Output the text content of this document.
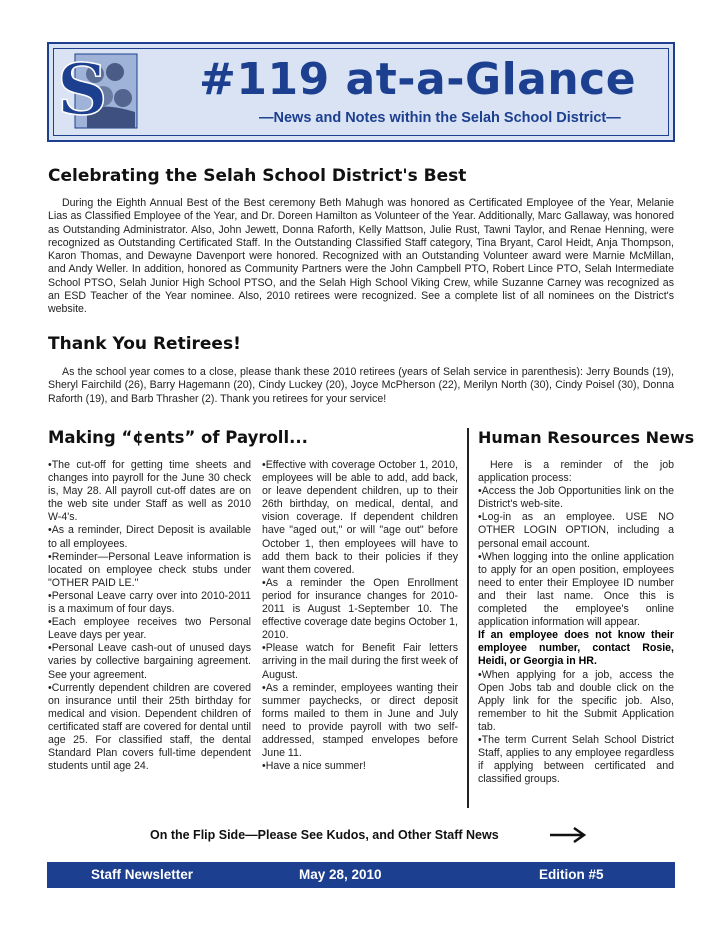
S #119 at-a-Glance
—News and Notes within the Selah School District—
Celebrating the Selah School District's Best
During the Eighth Annual Best of the Best ceremony Beth Mahugh was honored as Certificated Employee of the Year, Melanie Lias as Classified Employee of the Year, and Dr. Doreen Hamilton as Volunteer of the Year. Additionally, Marc Gallaway, was honored as Outstanding Administrator. Also, John Jewett, Donna Raforth, Kelly Mattson, Julie Rust, Tawni Taylor, and Renae Henning, were recognized as Outstanding Certificated Staff. In the Outstanding Classified Staff category, Tina Bryant, Carol Heidt, Anja Thompson, Karon Thomas, and Dewayne Davenport were honored. Recognized with an Outstanding Volunteer award were Marnie McMillan, and Andy Weller. In addition, honored as Community Partners were the John Campbell PTO, Robert Lince PTO, Selah Intermediate School PTSO, Selah Junior High School PTSO, and the Selah High School Viking Crew, while Suzanne Carney was recognized as an ESD Teacher of the Year nominee. Also, 2010 retirees were recognized. See a complete list of all nominees on the District's website.
Thank You Retirees!
As the school year comes to a close, please thank these 2010 retirees (years of Selah service in parenthesis): Jerry Bounds (19), Sheryl Fairchild (26), Barry Hagemann (20), Cindy Luckey (20), Joyce McPherson (22), Merilyn North (30), Cindy Poisel (30), Donna Raforth (19), and Barb Thrasher (2). Thank you retirees for your service!
Making “¢ents” of Payroll...

•The cut-off for getting time sheets and changes into payroll for the June 30 check is, May 28. All payroll cut-off dates are on the web site under Staff as well as 2010 W-4's.

•As a reminder, Direct Deposit is available to all employees.

•Reminder—Personal Leave information is located on employee check stubs under "OTHER PAID LE."

•Personal Leave carry over into 2010-2011 is a maximum of four days.

•Each employee receives two Personal Leave days per year.

•Personal Leave cash-out of unused days varies by collective bargaining agreement. See your agreement.

•Currently dependent children are covered on insurance until their 25th birthday for medical and vision. Dependent children of certificated staff are covered for dental until age 25. For classified staff, the dental Standard Plan covers full-time dependent students until age 24.

•Effective with coverage October 1, 2010, employees will be able to add, add back, or leave dependent children, up to their 26th birthday, on medical, dental, and vision coverage. If dependent children have "aged out," or will "age out" before October 1, then employees will have to add them back to their policies if they want them covered.

•As a reminder the Open Enrollment period for insurance changes for 2010-2011 is August 1-September 10. The effective coverage date begins October 1, 2010.

•Please watch for Benefit Fair letters arriving in the mail during the first week of August.

•As a reminder, employees wanting their summer paychecks, or direct deposit forms mailed to them in June and July need to provide payroll with two self-addressed, stamped envelopes before June 11.

•Have a nice summer!

Human Resources News

Here is a reminder of the job application process:

•Access the Job Opportunities link on the District's web-site.

•Log-in as an employee. USE NO OTHER LOGIN OPTION, including a personal email account.

•When logging into the online application to apply for an open position, employees need to enter their Employee ID number and their last name. Once this is completed the employee's online application information will appear.

If an employee does not know their employee number, contact Rosie, Heidi, or Georgia in HR.

•When applying for a job, access the Open Jobs tab and double click on the Apply link for the specific job. Also, remember to hit the Submit Application tab.

•The term Current Selah School District Staff, applies to any employee regardless if applying between certificated and classified groups.

On the Flip Side—Please See Kudos, and Other Staff News
Staff Newsletter	May 28, 2010	Edition #5
